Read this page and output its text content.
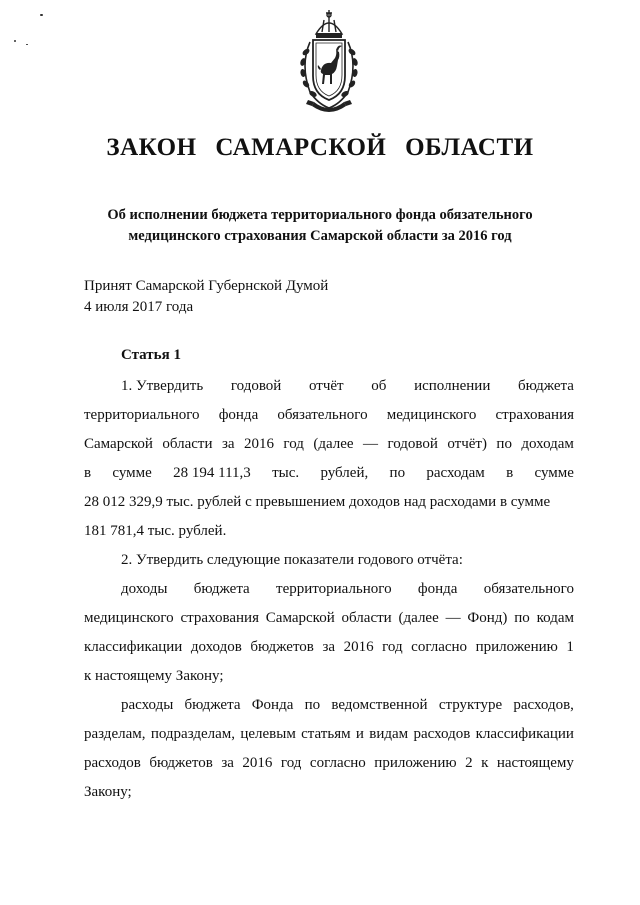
ЗАКОН САМАРСКОЙ ОБЛАСТИ
Об исполнении бюджета территориального фонда обязательного
медицинского страхования Самарской области за 2016 год
Принят Самарской Губернской Думой
4 июля 2017 года
Статья 1
1. Утвердить годовой отчёт об исполнении бюджета
территориального фонда обязательного медицинского страхования
Самарской области за 2016 год (далее — годовой отчёт) по доходам
в сумме 28 194 111,3 тыс. рублей, по расходам в сумме
28 012 329,9 тыс. рублей с превышением доходов над расходами в сумме
181 781,4 тыс. рублей.
2. Утвердить следующие показатели годового отчёта:
доходы бюджета территориального фонда обязательного
медицинского страхования Самарской области (далее — Фонд) по кодам
классификации доходов бюджетов за 2016 год согласно приложению 1
к настоящему Закону;
расходы бюджета Фонда по ведомственной структуре расходов,
разделам, подразделам, целевым статьям и видам расходов классификации
расходов бюджетов за 2016 год согласно приложению 2 к настоящему
Закону;
